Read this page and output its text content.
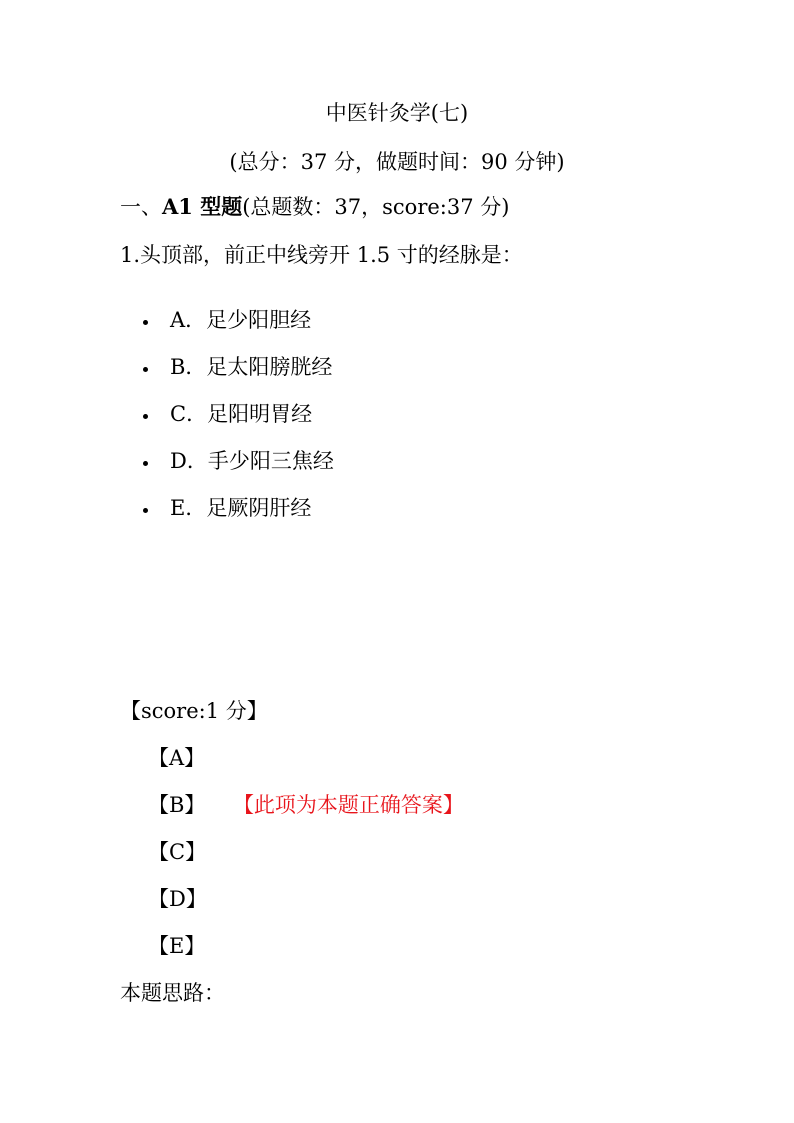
中医针灸学(七)
(总分：37 分，做题时间：90 分钟)
一、A1 型题(总题数：37，score:37 分)
1.头顶部，前正中线旁开 1.5 寸的经脉是：
A．足少阳胆经
B．足太阳膀胱经
C．足阳明胃经
D．手少阳三焦经
E．足厥阴肝经
【score:1 分】
【A】
【B】 【此项为本题正确答案】
【C】
【D】
【E】
本题思路：
